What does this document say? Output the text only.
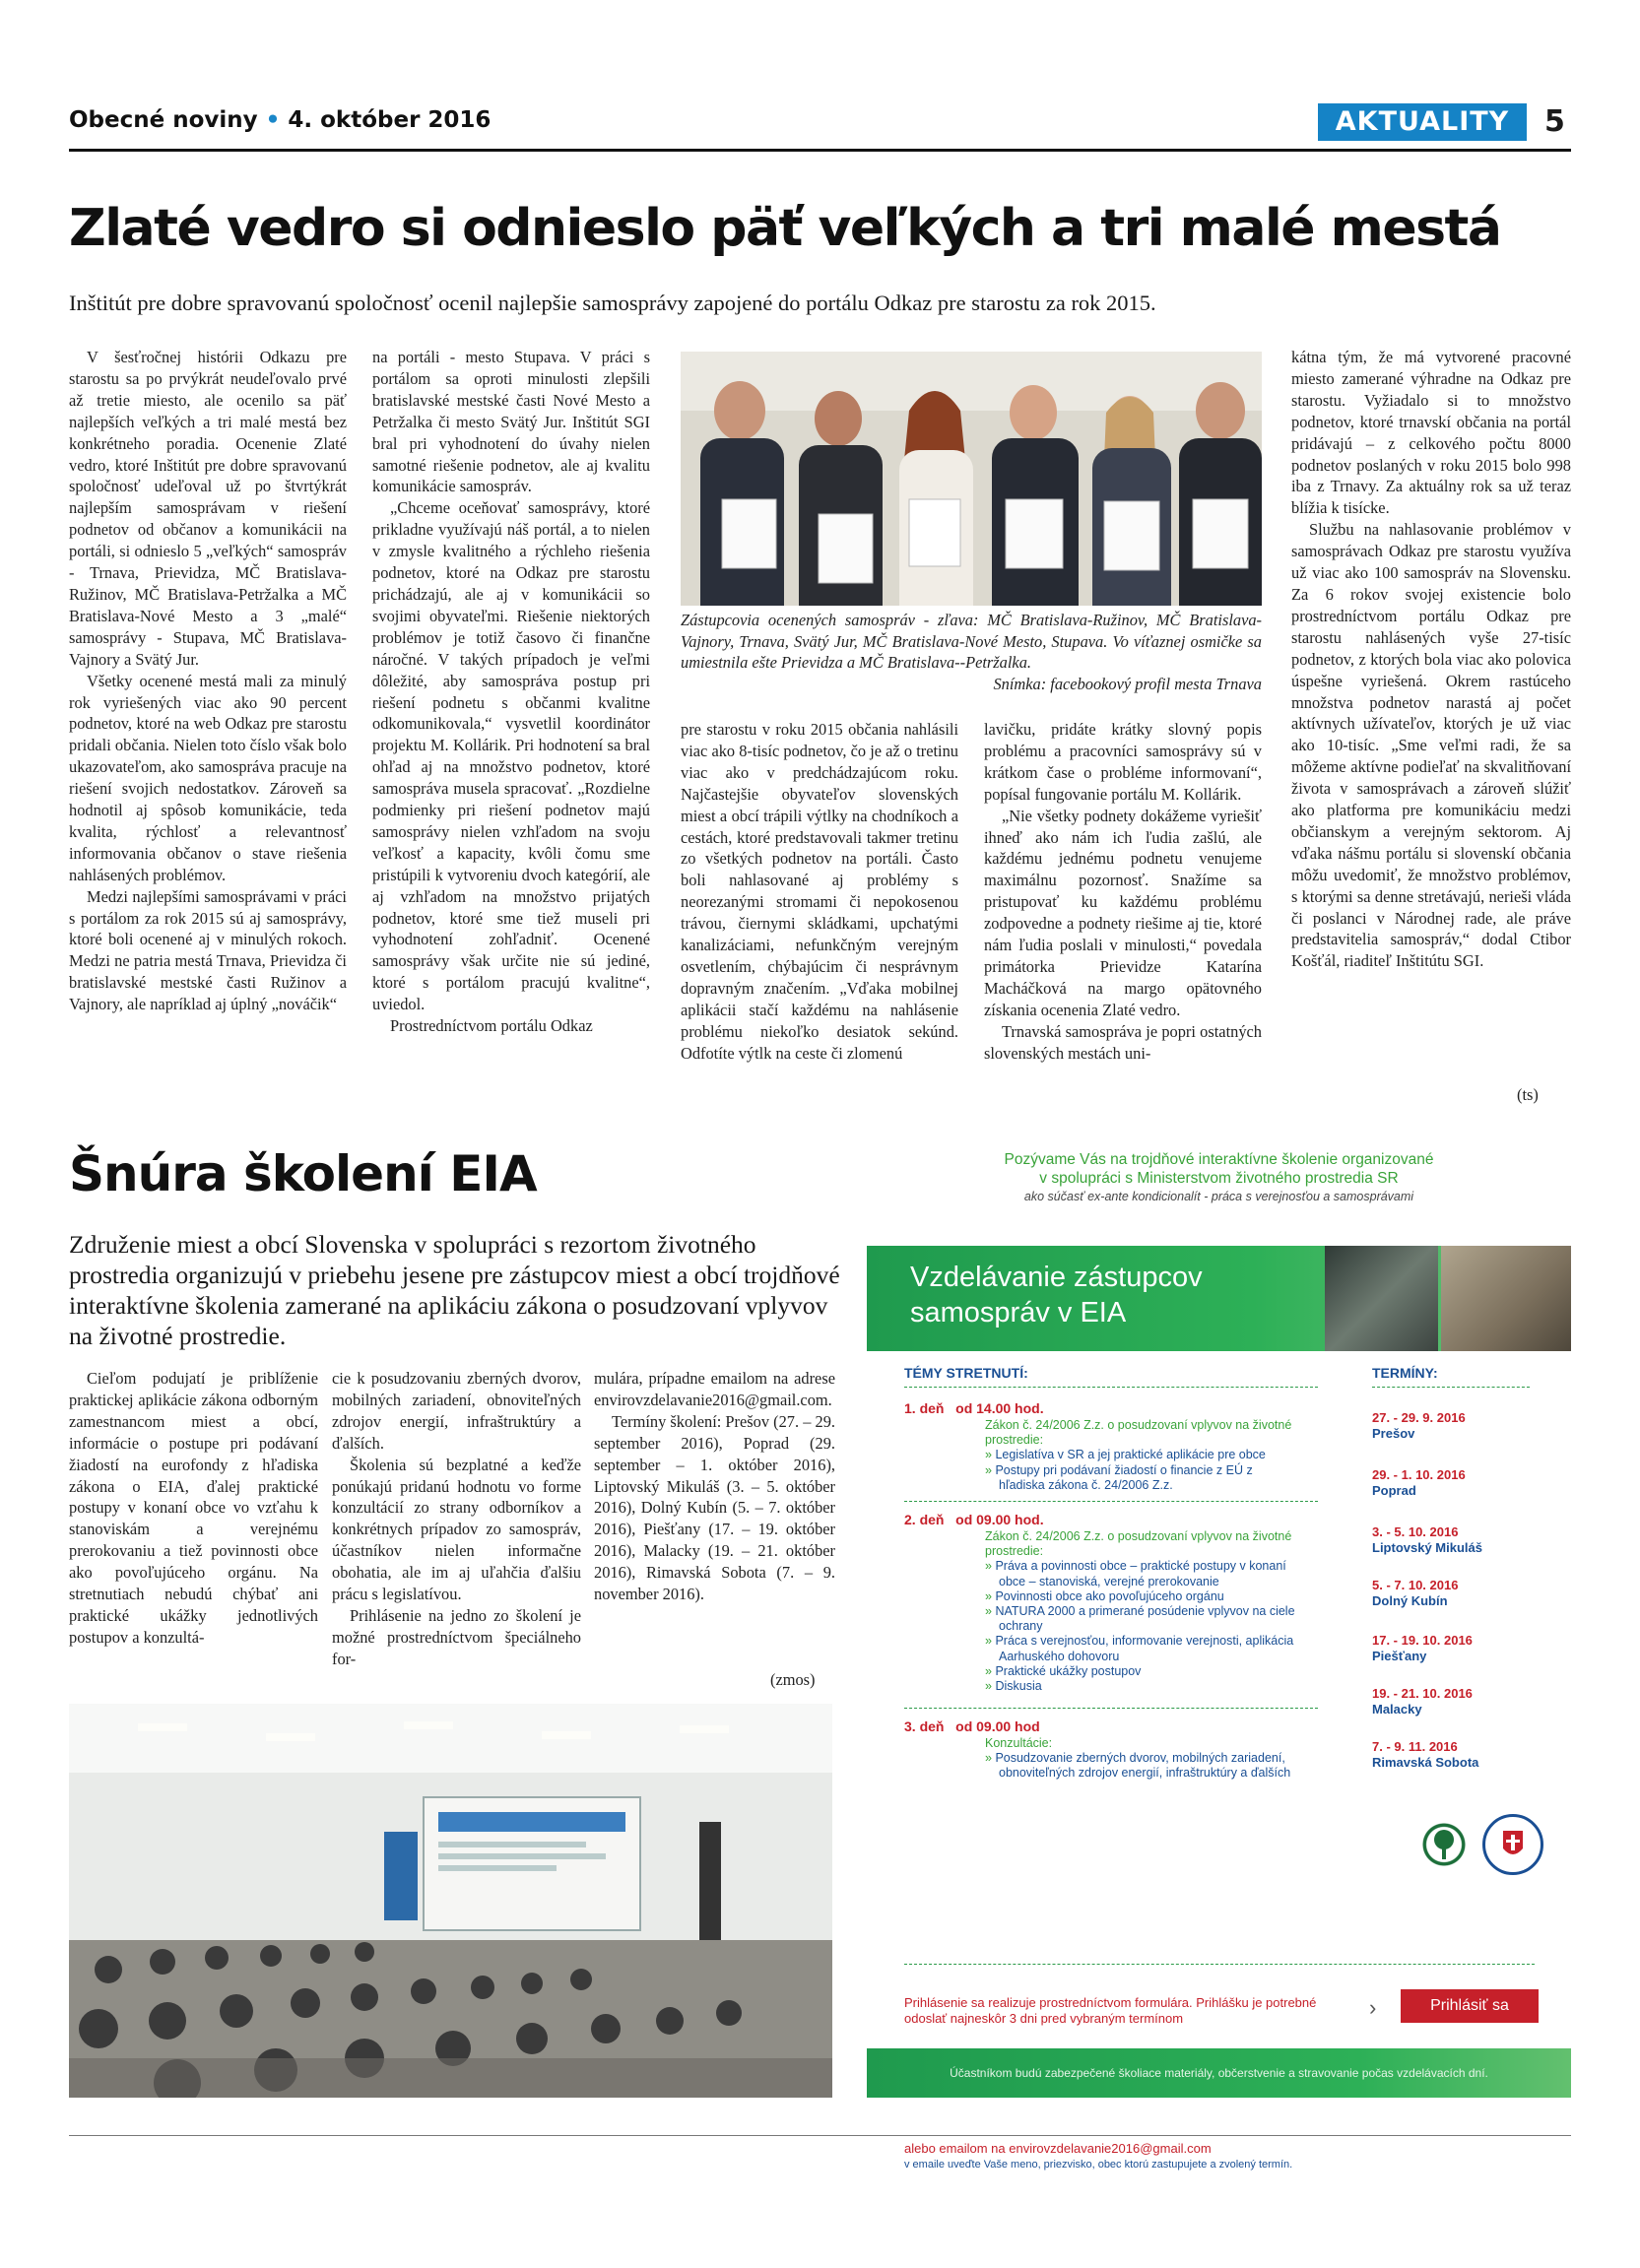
Obecné noviny • 4. október 2016	AKTUALITY	5
Zlaté vedro si odnieslo päť veľkých a tri malé mestá
Inštitút pre dobre spravovanú spoločnosť ocenil najlepšie samosprávy zapojené do portálu Odkaz pre starostu za rok 2015.

V šesťročnej histórii Odkazu pre starostu sa po prvýkrát neudeľovalo prvé až tretie miesto, ale ocenilo sa päť najlepších veľkých a tri malé mestá bez konkrétneho poradia. Ocenenie Zlaté vedro, ktoré Inštitút pre dobre spravovanú spoločnosť udeľoval už po štvrtýkrát najlepším samosprávam v riešení podnetov od občanov a komunikácii na portáli, si odnieslo 5 „veľkých“ samospráv - Trnava, Prievidza, MČ Bratislava-Ružinov, MČ Bratislava-Petržalka a MČ Bratislava-Nové Mesto a 3 „malé“ samosprávy - Stupava, MČ Bratislava-Vajnory a Svätý Jur.

Všetky ocenené mestá mali za minulý rok vyriešených viac ako 90 percent podnetov, ktoré na web Odkaz pre starostu pridali občania. Nielen toto číslo však bolo ukazovateľom, ako samospráva pracuje na riešení svojich nedostatkov. Zároveň sa hodnotil aj spôsob komunikácie, teda kvalita, rýchlosť a relevantnosť informovania občanov o stave riešenia nahlásených problémov.

Medzi najlepšími samosprávami v práci s portálom za rok 2015 sú aj samosprávy, ktoré boli ocenené aj v minulých rokoch. Medzi ne patria mestá Trnava, Prievidza či bratislavské mestské časti Ružinov a Vajnory, ale napríklad aj úplný „nováčik“

na portáli - mesto Stupava. V práci s portálom sa oproti minulosti zlepšili bratislavské mestské časti Nové Mesto a Petržalka či mesto Svätý Jur. Inštitút SGI bral pri vyhodnotení do úvahy nielen samotné riešenie podnetov, ale aj kvalitu komunikácie samospráv.

„Chceme oceňovať samosprávy, ktoré prikladne využívajú náš portál, a to nielen v zmysle kvalitného a rýchleho riešenia podnetov, ktoré na Odkaz pre starostu prichádzajú, ale aj v komunikácii so svojimi obyvateľmi. Riešenie niektorých problémov je totiž časovo či finančne náročné. V takých prípadoch je veľmi dôležité, aby samospráva postup pri riešení podnetu s občanmi kvalitne odkomunikovala,“ vysvetlil koordinátor projektu M. Kollárik. Pri hodnotení sa bral ohľad aj na množstvo podnetov, ktoré samospráva musela spracovať. „Rozdielne podmienky pri riešení podnetov majú samosprávy nielen vzhľadom na svoju veľkosť a kapacity, kvôli čomu sme pristúpili k vytvoreniu dvoch kategórií, ale aj vzhľadom na množstvo prijatých podnetov, ktoré sme tiež museli pri vyhodnotení zohľadniť. Ocenené samosprávy však určite nie sú jediné, ktoré s portálom pracujú kvalitne“, uviedol.

Prostredníctvom portálu Odkaz

Zástupcovia ocenených samospráv - zľava: MČ Bratislava-Ružinov, MČ Bratislava-Vajnory, Trnava, Svätý Jur, MČ Bratislava-Nové Mesto, Stupava. Vo víťaznej osmičke sa umiestnila ešte Prievidza a MČ Bratislava--Petržalka.
Snímka: facebookový profil mesta Trnava

pre starostu v roku 2015 občania nahlásili viac ako 8-tisíc podnetov, čo je až o tretinu viac ako v predchádzajúcom roku. Najčastejšie obyvateľov slovenských miest a obcí trápili výtlky na chodníkoch a cestách, ktoré predstavovali takmer tretinu zo všetkých podnetov na portáli. Často boli nahlasované aj problémy s neorezanými stromami či nepokosenou trávou, čiernymi skládkami, upchatými kanalizáciami, nefunkčným verejným osvetlením, chýbajúcim či nesprávnym dopravným značením. „Vďaka mobilnej aplikácii stačí každému na nahlásenie problému niekoľko desiatok sekúnd. Odfotíte výtlk na ceste či zlomenú

lavičku, pridáte krátky slovný popis problému a pracovníci samosprávy sú v krátkom čase o probléme informovaní“, popísal fungovanie portálu M. Kollárik.

„Nie všetky podnety dokážeme vyriešiť ihneď ako nám ich ľudia zašlú, ale každému jednému podnetu venujeme maximálnu pozornosť. Snažíme sa pristupovať ku každému problému zodpovedne a podnety riešime aj tie, ktoré nám ľudia poslali v minulosti,“ povedala primátorka Prievidze Katarína Macháčková na margo opätovného získania ocenenia Zlaté vedro.

Trnavská samospráva je popri ostatných slovenských mestách uni-

kátna tým, že má vytvorené pracovné miesto zamerané výhradne na Odkaz pre starostu. Vyžiadalo si to množstvo podnetov, ktoré trnavskí občania na portál pridávajú – z celkového počtu 8000 podnetov poslaných v roku 2015 bolo 998 iba z Trnavy. Za aktuálny rok sa už teraz blížia k tisícke.

Službu na nahlasovanie problémov v samosprávach Odkaz pre starostu využíva už viac ako 100 samospráv na Slovensku. Za 6 rokov svojej existencie bolo prostredníctvom portálu Odkaz pre starostu nahlásených vyše 27-tisíc podnetov, z ktorých bola viac ako polovica úspešne vyriešená. Okrem rastúceho množstva podnetov narastá aj počet aktívnych užívateľov, ktorých je už viac ako 10-tisíc. „Sme veľmi radi, že sa môžeme aktívne podieľať na skvalitňovaní života v samosprávach a zároveň slúžiť ako platforma pre komunikáciu medzi občianskym a verejným sektorom. Aj vďaka nášmu portálu si slovenskí občania môžu uvedomiť, že množstvo problémov, s ktorými sa denne stretávajú, nerieši vláda či poslanci v Národnej rade, ale práve predstavitelia samospráv,“ dodal Ctibor Košťál, riaditeľ Inštitútu SGI.

(ts)
Šnúra školení EIA
Združenie miest a obcí Slovenska v spolupráci s rezortom životného prostredia organizujú v priebehu jesene pre zástupcov miest a obcí trojdňové interaktívne školenia zamerané na aplikáciu zákona o posudzovaní vplyvov na životné prostredie.

Cieľom podujatí je priblíženie praktickej aplikácie zákona odborným zamestnancom miest a obcí, informácie o postupe pri podávaní žiadostí na eurofondy z hľadiska zákona o EIA, ďalej praktické postupy v konaní obce vo vzťahu k stanoviskám a verejnému prerokovaniu a tiež povinnosti obce ako povoľujúceho orgánu. Na stretnutiach nebudú chýbať ani praktické ukážky jednotlivých postupov a konzultá-

cie k posudzovaniu zberných dvorov, mobilných zariadení, obnoviteľných zdrojov energií, infraštruktúry a ďalších.

Školenia sú bezplatné a keďže ponúkajú pridanú hodnotu vo forme konzultácií zo strany odborníkov a konkrétnych prípadov zo samospráv, účastníkov nielen informačne obohatia, ale im aj uľahčia ďalšiu prácu s legislatívou.

Prihlásenie na jedno zo školení je možné prostredníctvom špeciálneho for-

mulára, prípadne emailom na adrese envirovzdelavanie2016@gmail.com.

Termíny školení: Prešov (27. – 29. september 2016), Poprad (29. september – 1. október 2016), Liptovský Mikuláš (3. – 5. október 2016), Dolný Kubín (5. – 7. október 2016), Piešťany (17. – 19. október 2016), Malacky (19. – 21. október 2016), Rimavská Sobota (7. – 9. november 2016).

(zmos)
Pozývame Vás na trojdňové interaktívne školenie organizované
v spolupráci s Ministerstvom životného prostredia SR
ako súčasť ex-ante kondicionalít - práca s verejnosťou a samosprávami
Vzdelávanie zástupcov
samospráv v EIA
TÉMY STRETNUTÍ:	TERMÍNY:
1. deň od 14.00 hod.
Zákon č. 24/2006 Z.z. o posudzovaní vplyvov na životné prostredie:
» Legislatíva v SR a jej praktické aplikácie pre obce
» Postupy pri podávaní žiadostí o financie z EÚ z hľadiska zákona č. 24/2006 Z.z.
2. deň od 09.00 hod.
Zákon č. 24/2006 Z.z. o posudzovaní vplyvov na životné prostredie:
» Práva a povinnosti obce – praktické postupy v konaní obce – stanoviská, verejné prerokovanie
» Povinnosti obce ako povoľujúceho orgánu
» NATURA 2000 a primerané posúdenie vplyvov na ciele ochrany
» Práca s verejnosťou, informovanie verejnosti, aplikácia Aarhuského dohovoru
» Praktické ukážky postupov
» Diskusia
3. deň od 09.00 hod
Konzultácie:
» Posudzovanie zberných dvorov, mobilných zariadení, obnoviteľných zdrojov energií, infraštruktúry a ďalších
27. - 29. 9. 2016
Prešov
29. - 1. 10. 2016
Poprad
3. - 5. 10. 2016
Liptovský Mikuláš
5. - 7. 10. 2016
Dolný Kubín
17. - 19. 10. 2016
Piešťany
19. - 21. 10. 2016
Malacky
7. - 9. 11. 2016
Rimavská Sobota
Prihlásenie sa realizuje prostredníctvom formulára. Prihlášku je potrebné odoslať najneskôr 3 dni pred vybraným termínom	›	Prihlásiť sa
alebo emailom na envirovzdelavanie2016@gmail.com
v emaile uveďte Vaše meno, priezvisko, obec ktorú zastupujete a zvolený termín.
Účastníkom budú zabezpečené školiace materiály, občerstvenie a stravovanie počas vzdelávacích dní.
